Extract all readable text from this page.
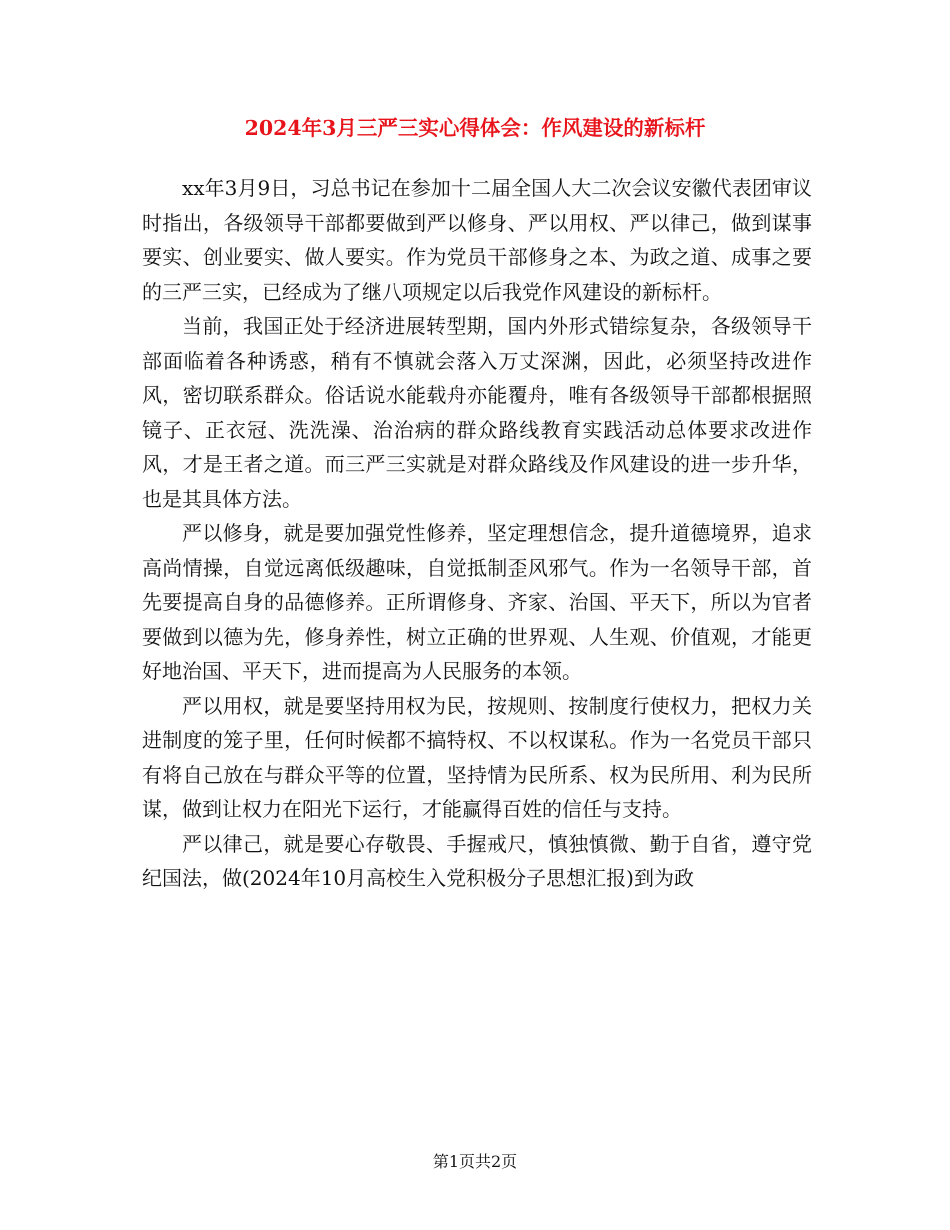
2024年3月三严三实心得体会：作风建设的新标杆

xx年3月9日，习总书记在参加十二届全国人大二次会议安徽代表团审议时指出，各级领导干部都要做到严以修身、严以用权、严以律己，做到谋事要实、创业要实、做人要实。作为党员干部修身之本、为政之道、成事之要的三严三实，已经成为了继八项规定以后我党作风建设的新标杆。

当前，我国正处于经济进展转型期，国内外形式错综复杂，各级领导干部面临着各种诱惑，稍有不慎就会落入万丈深渊，因此，必须坚持改进作风，密切联系群众。俗话说水能载舟亦能覆舟，唯有各级领导干部都根据照镜子、正衣冠、洗洗澡、治治病的群众路线教育实践活动总体要求改进作风，才是王者之道。而三严三实就是对群众路线及作风建设的进一步升华，也是其具体方法。

严以修身，就是要加强党性修养，坚定理想信念，提升道德境界，追求高尚情操，自觉远离低级趣味，自觉抵制歪风邪气。作为一名领导干部，首先要提高自身的品德修养。正所谓修身、齐家、治国、平天下，所以为官者要做到以德为先，修身养性，树立正确的世界观、人生观、价值观，才能更好地治国、平天下，进而提高为人民服务的本领。

严以用权，就是要坚持用权为民，按规则、按制度行使权力，把权力关进制度的笼子里，任何时候都不搞特权、不以权谋私。作为一名党员干部只有将自己放在与群众平等的位置，坚持情为民所系、权为民所用、利为民所谋，做到让权力在阳光下运行，才能赢得百姓的信任与支持。

严以律己，就是要心存敬畏、手握戒尺，慎独慎微、勤于自省，遵守党纪国法，做(2024年10月高校生入党积极分子思想汇报)到为政

第1页共2页
